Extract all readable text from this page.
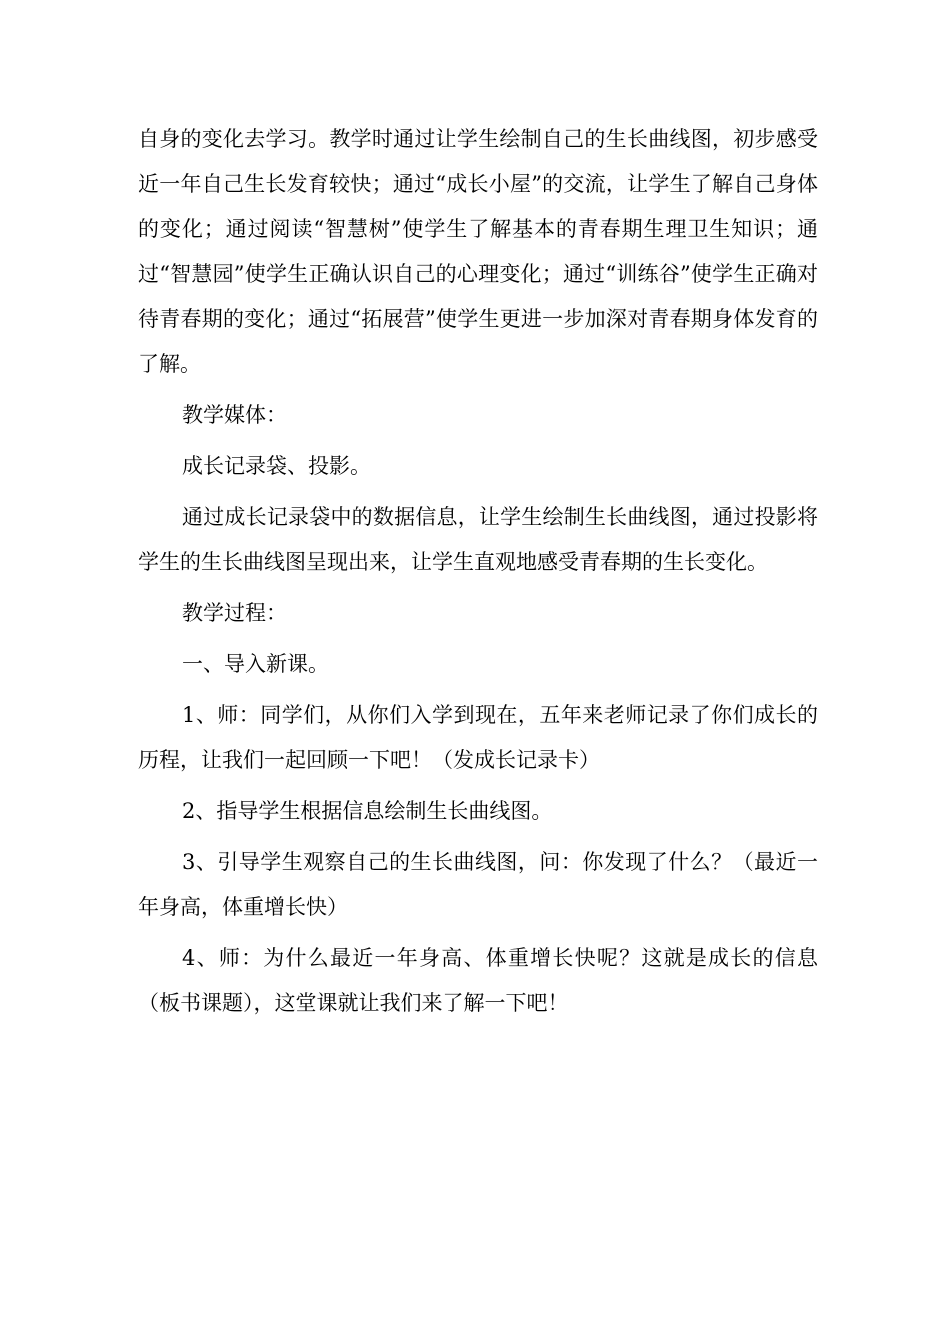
自身的变化去学习。教学时通过让学生绘制自己的生长曲线图，初步感受近一年自己生长发育较快；通过“成长小屋”的交流，让学生了解自己身体的变化；通过阅读“智慧树”使学生了解基本的青春期生理卫生知识；通过“智慧园”使学生正确认识自己的心理变化；通过“训练谷”使学生正确对待青春期的变化；通过“拓展营”使学生更进一步加深对青春期身体发育的了解。

教学媒体：

成长记录袋、投影。

通过成长记录袋中的数据信息，让学生绘制生长曲线图，通过投影将学生的生长曲线图呈现出来，让学生直观地感受青春期的生长变化。

教学过程：

一、导入新课。

1、师：同学们，从你们入学到现在，五年来老师记录了你们成长的历程，让我们一起回顾一下吧！（发成长记录卡）

2、指导学生根据信息绘制生长曲线图。

3、引导学生观察自己的生长曲线图，问：你发现了什么？（最近一年身高，体重增长快）

4、师：为什么最近一年身高、体重增长快呢？这就是成长的信息（板书课题），这堂课就让我们来了解一下吧！
